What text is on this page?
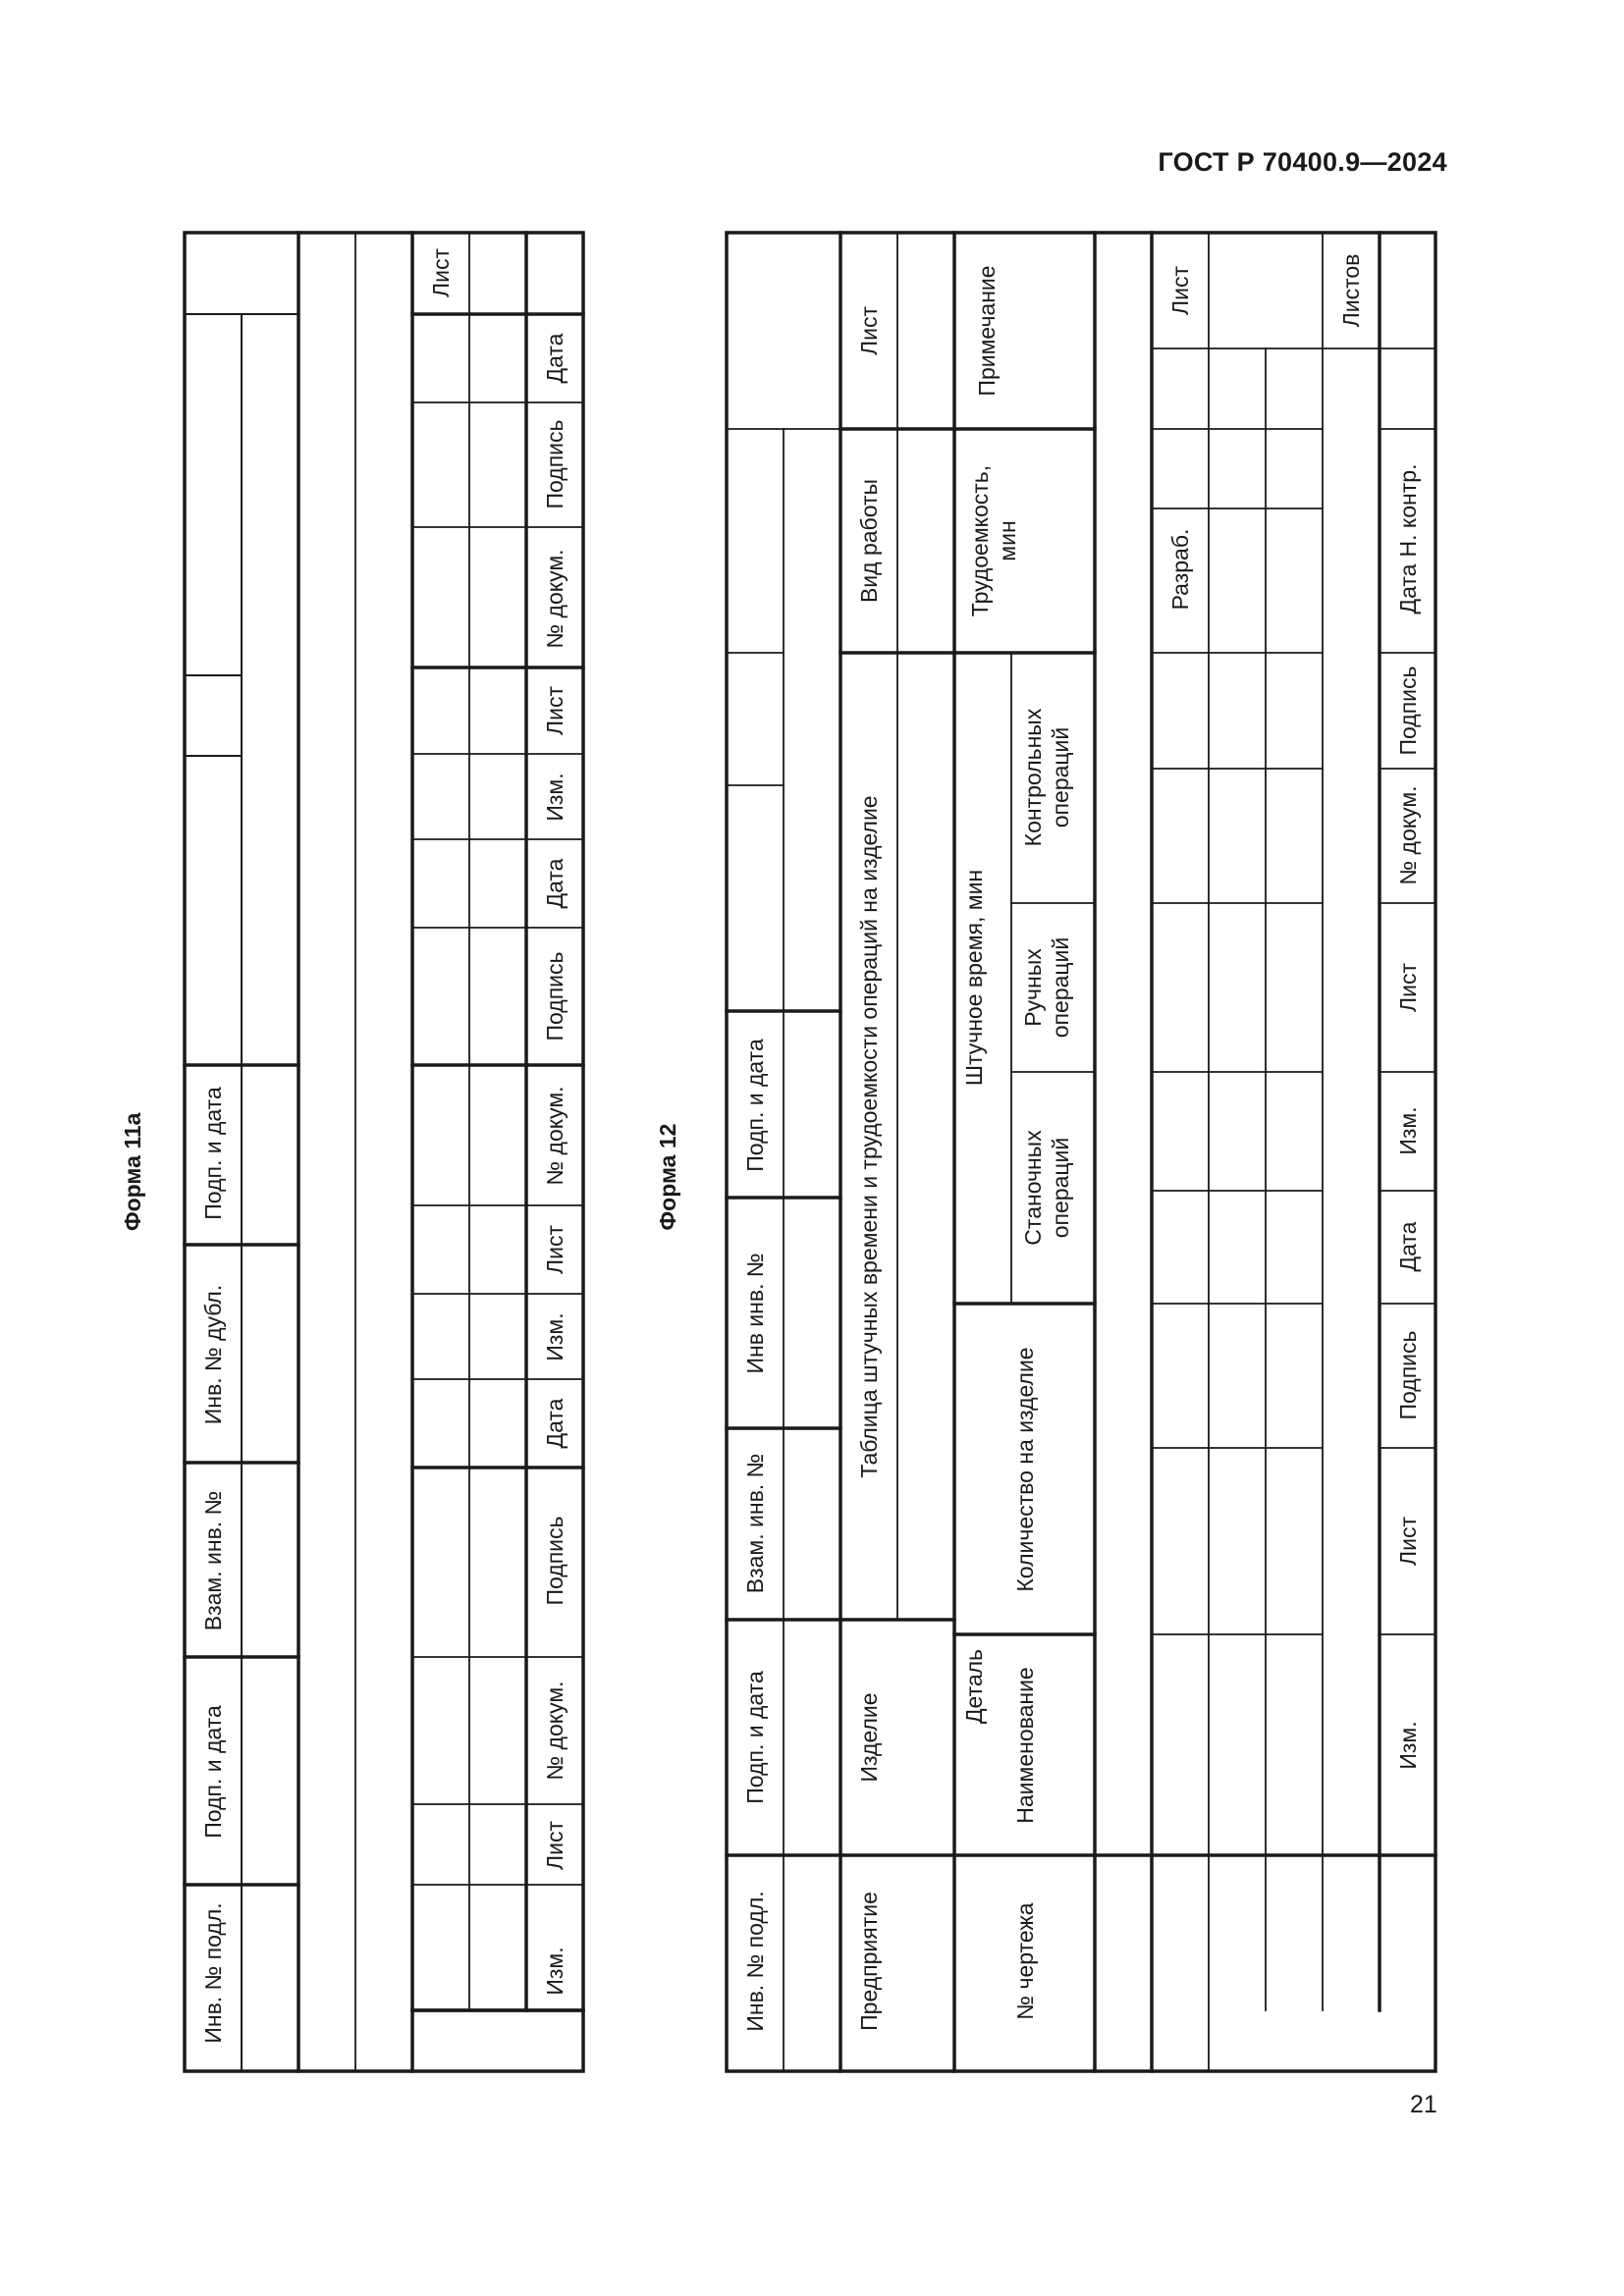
ГОСТ Р 70400.9—2024
Форма 11а	Форма 12
Инв. № подл.
Подп. и дата
Взам. инв. №
Инв. № дубл.
Подп. и дата
Изм.
Лист
№ докум.
Подпись
Дата
Изм.
Лист
№ докум.
Подпись
Дата
Изм.
Лист
№ докум.
Подпись
Дата
Лист
Инв. № подл.
Подп. и дата
Взам. инв. №
Инв инв. №
Подп. и дата
Предприятие
Изделие
Таблица штучных времени и трудоемкости операций на изделие
Вид работы
Лист
№ чертежа
Деталь Наименование
Количество на изделие
Штучное время, мин
Станочных операций
Ручных операций
Контрольных операций
Трудоемкость, мин
Примечание
Изм.
Лист
Подпись
Дата
Изм.
Лист
№ докум.
Подпись
Дата
Разраб.
Н. контр.
Лист	Листов
21
